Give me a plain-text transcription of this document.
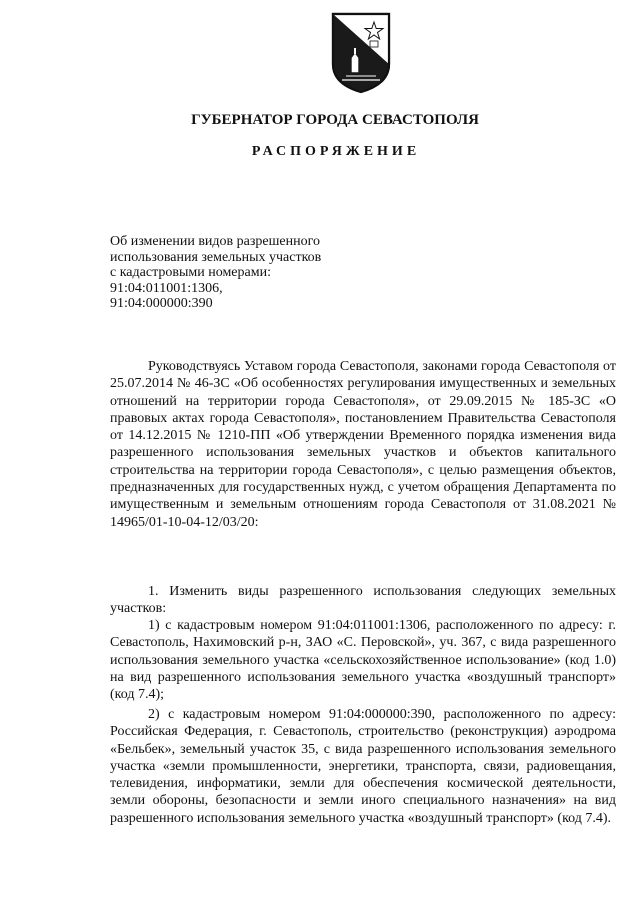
ГУБЕРНАТОР ГОРОДА СЕВАСТОПОЛЯ
РАСПОРЯЖЕНИЕ
Об изменении видов разрешенного
использования земельных участков
с кадастровыми номерами:
91:04:011001:1306,
91:04:000000:390

Руководствуясь Уставом города Севастополя, законами города Севастополя от 25.07.2014 № 46-ЗС «Об особенностях регулирования имущественных и земельных отношений на территории города Севастополя», от 29.09.2015 № 185-ЗС «О правовых актах города Севастополя», постановлением Правительства Севастополя от 14.12.2015 № 1210-ПП «Об утверждении Временного порядка изменения вида разрешенного использования земельных участков и объектов капитального строительства на территории города Севастополя», с целью размещения объектов, предназначенных для государственных нужд, с учетом обращения Департамента по имущественным и земельным отношениям города Севастополя от 31.08.2021 № 14965/01-10-04-12/03/20:

1. Изменить виды разрешенного использования следующих земельных участков:

1) с кадастровым номером 91:04:011001:1306, расположенного по адресу: г. Севастополь, Нахимовский р-н, ЗАО «С. Перовской», уч. 367, с вида разрешенного использования земельного участка «сельскохозяйственное использование» (код 1.0) на вид разрешенного использования земельного участка «воздушный транспорт» (код 7.4);

2) с кадастровым номером 91:04:000000:390, расположенного по адресу: Российская Федерация, г. Севастополь, строительство (реконструкция) аэродрома «Бельбек», земельный участок 35, с вида разрешенного использования земельного участка «земли промышленности, энергетики, транспорта, связи, радиовещания, телевидения, информатики, земли для обеспечения космической деятельности, земли обороны, безопасности и земли иного специального назначения» на вид разрешенного использования земельного участка «воздушный транспорт» (код 7.4).
